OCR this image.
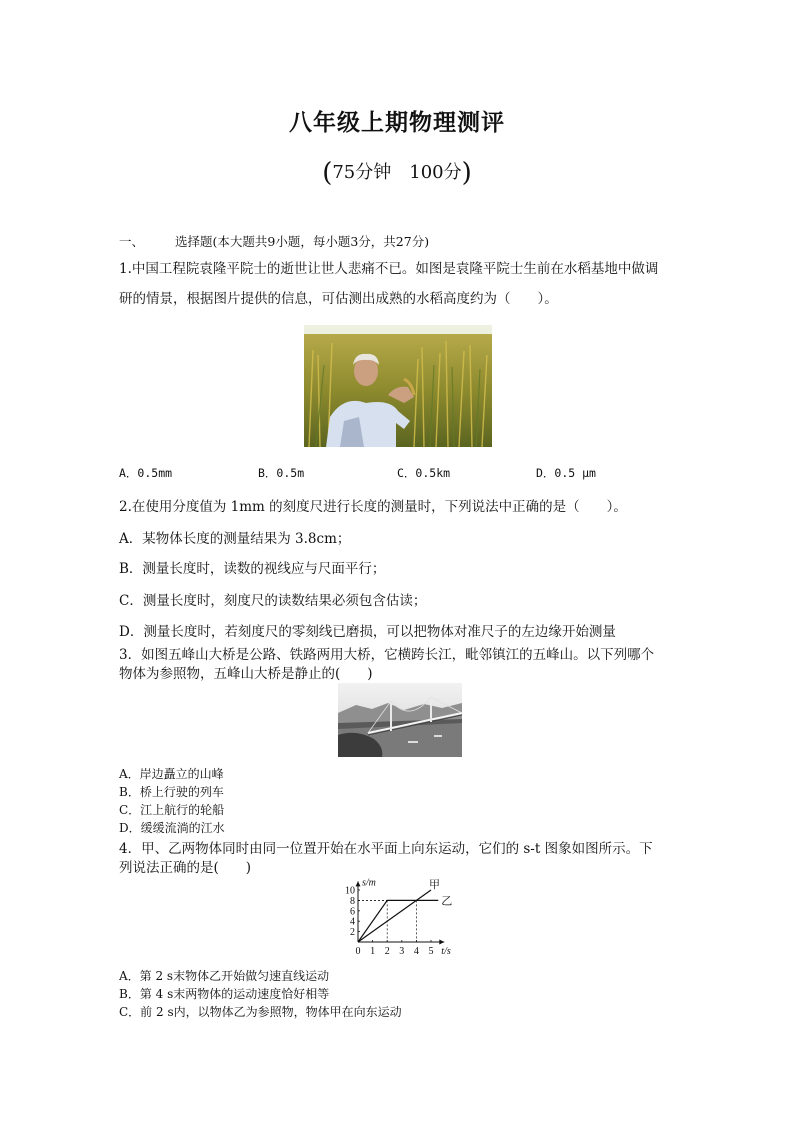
八年级上期物理测评
(75分钟　100分)
一、 选择题(本大题共9小题，每小题3分，共27分)
1.中国工程院袁隆平院士的逝世让世人悲痛不已。如图是袁隆平院士生前在水稻基地中做调
研的情景，根据图片提供的信息，可估测出成熟的水稻高度约为（　　）。
A．0.5mm	B．0.5m	C．0.5km	D．0.5 μm
2.在使用分度值为 1mm 的刻度尺进行长度的测量时，下列说法中正确的是（　　）。
A．某物体长度的测量结果为 3.8cm；
B．测量长度时，读数的视线应与尺面平行；
C．测量长度时，刻度尺的读数结果必须包含估读；
D．测量长度时，若刻度尺的零刻线已磨损，可以把物体对准尺子的左边缘开始测量
3．如图五峰山大桥是公路、铁路两用大桥，它横跨长江，毗邻镇江的五峰山。以下列哪个
物体为参照物，五峰山大桥是静止的(　　)
A．岸边矗立的山峰
B．桥上行驶的列车
C．江上航行的轮船
D．缓缓流淌的江水
4．甲、乙两物体同时由同一位置开始在水平面上向东运动，它们的 s-t 图象如图所示。下
列说法正确的是(　　)
0 1 2 3 4 5
2
4
6
8
10	甲
乙
s/m
t/s
A．第 2 s末物体乙开始做匀速直线运动
B．第 4 s末两物体的运动速度恰好相等
C．前 2 s内，以物体乙为参照物，物体甲在向东运动
